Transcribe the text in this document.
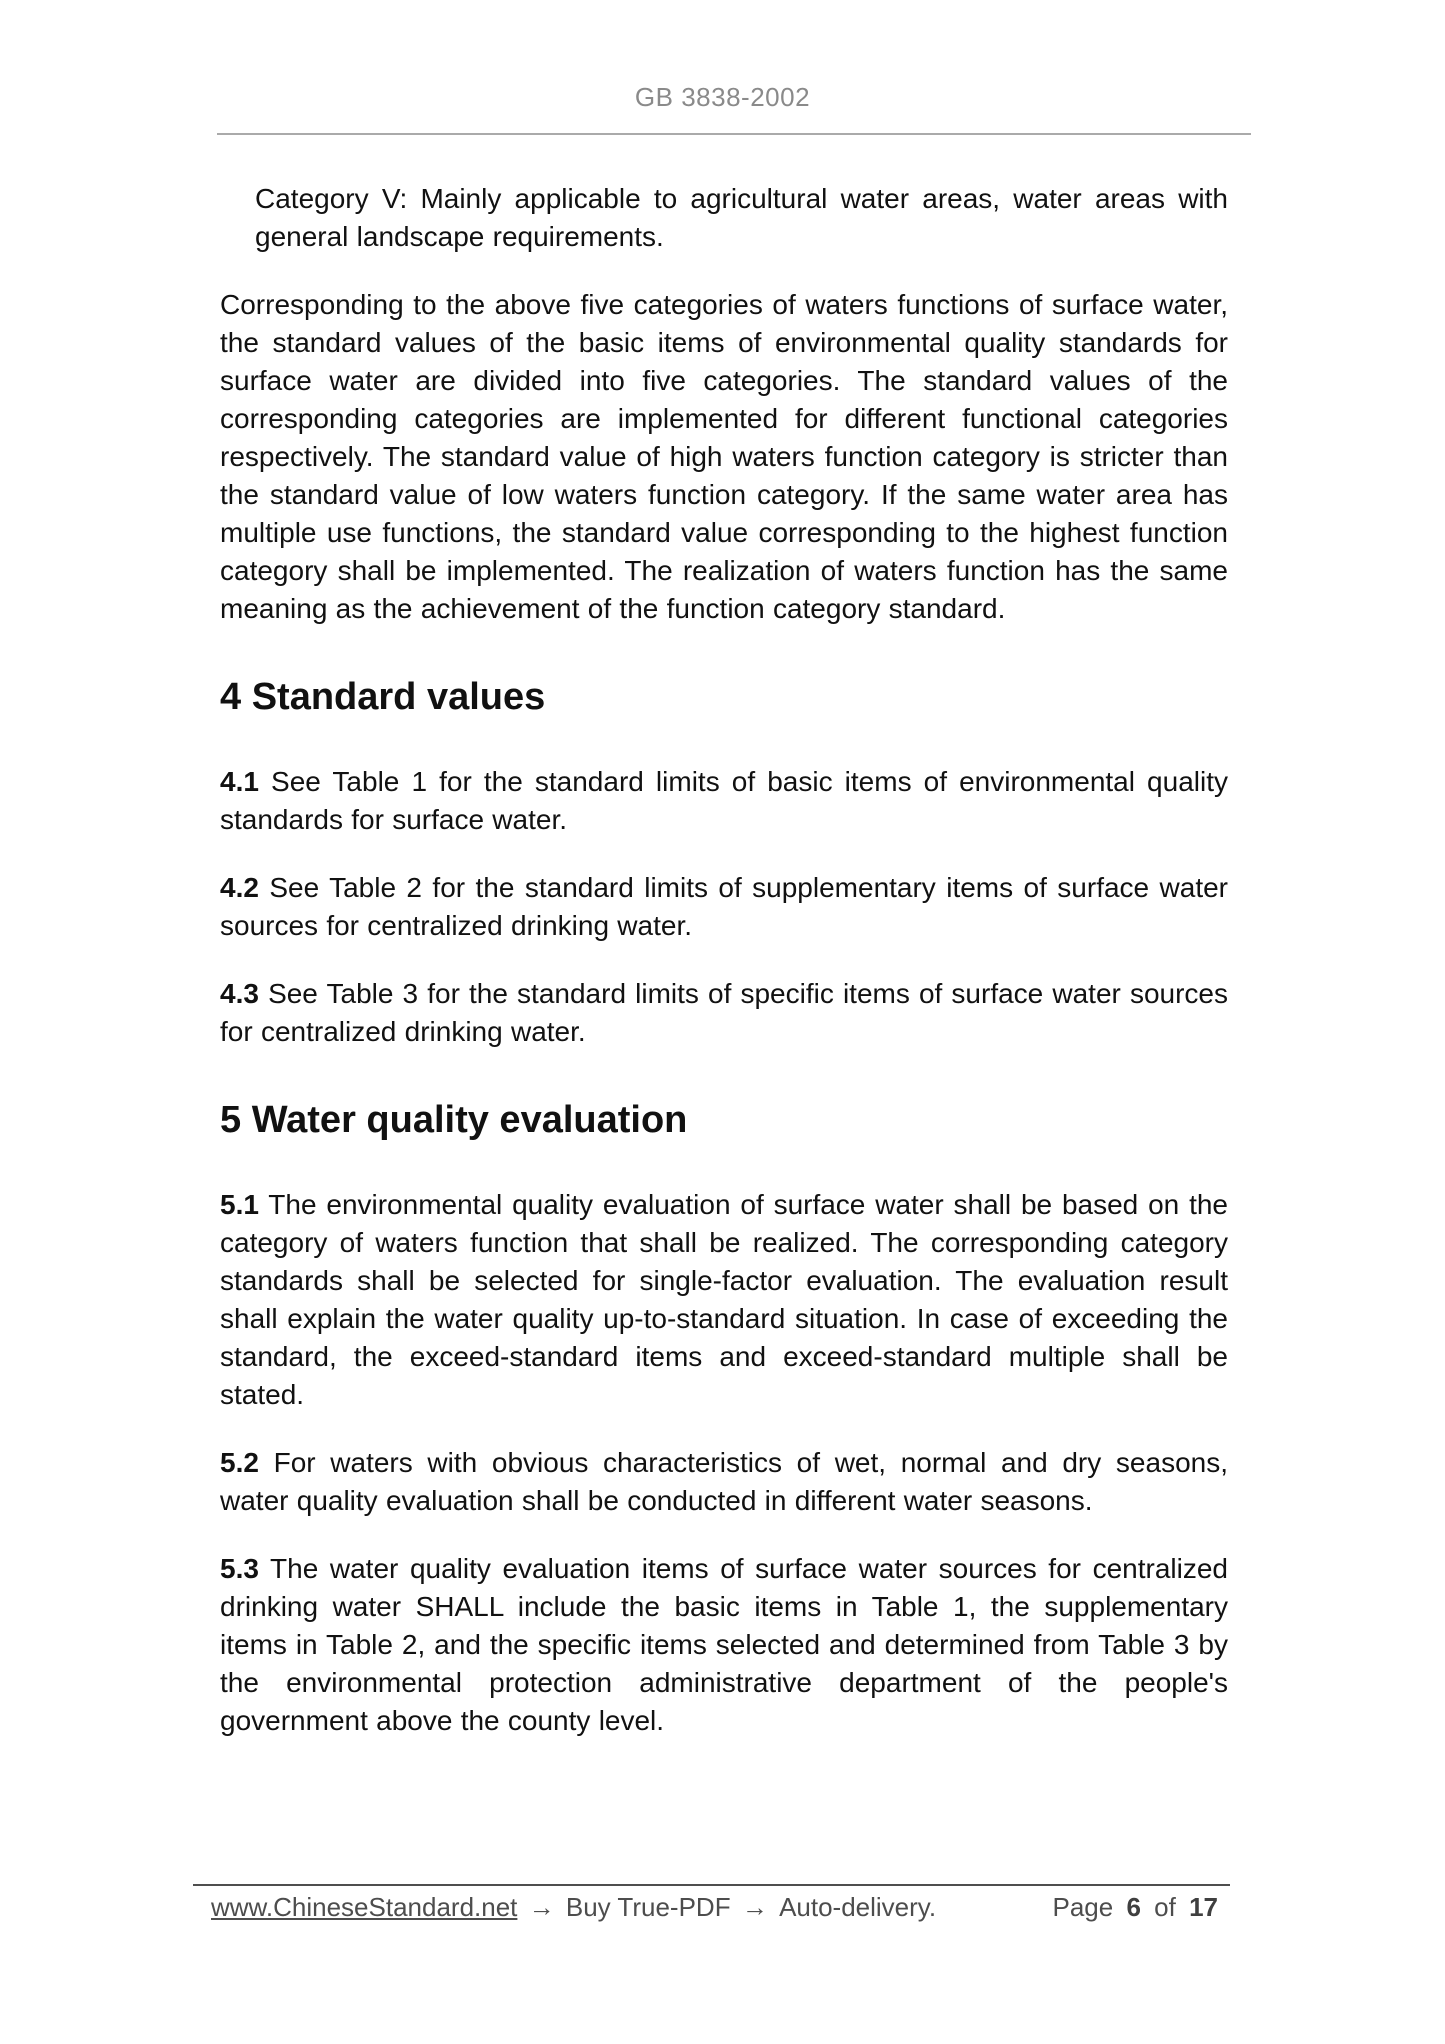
GB 3838-2002

Category V: Mainly applicable to agricultural water areas, water areas with general landscape requirements.

Corresponding to the above five categories of waters functions of surface water, the standard values of the basic items of environmental quality standards for surface water are divided into five categories. The standard values of the corresponding categories are implemented for different functional categories respectively. The standard value of high waters function category is stricter than the standard value of low waters function category. If the same water area has multiple use functions, the standard value corresponding to the highest function category shall be implemented. The realization of waters function has the same meaning as the achievement of the function category standard.

4 Standard values

4.1 See Table 1 for the standard limits of basic items of environmental quality standards for surface water.

4.2 See Table 2 for the standard limits of supplementary items of surface water sources for centralized drinking water.

4.3 See Table 3 for the standard limits of specific items of surface water sources for centralized drinking water.

5 Water quality evaluation

5.1 The environmental quality evaluation of surface water shall be based on the category of waters function that shall be realized. The corresponding category standards shall be selected for single-factor evaluation. The evaluation result shall explain the water quality up-to-standard situation. In case of exceeding the standard, the exceed-standard items and exceed-standard multiple shall be stated.

5.2 For waters with obvious characteristics of wet, normal and dry seasons, water quality evaluation shall be conducted in different water seasons.

5.3 The water quality evaluation items of surface water sources for centralized drinking water SHALL include the basic items in Table 1, the supplementary items in Table 2, and the specific items selected and determined from Table 3 by the environmental protection administrative department of the people's government above the county level.

www.ChineseStandard.net → Buy True-PDF → Auto-delivery.	Page 6 of 17
